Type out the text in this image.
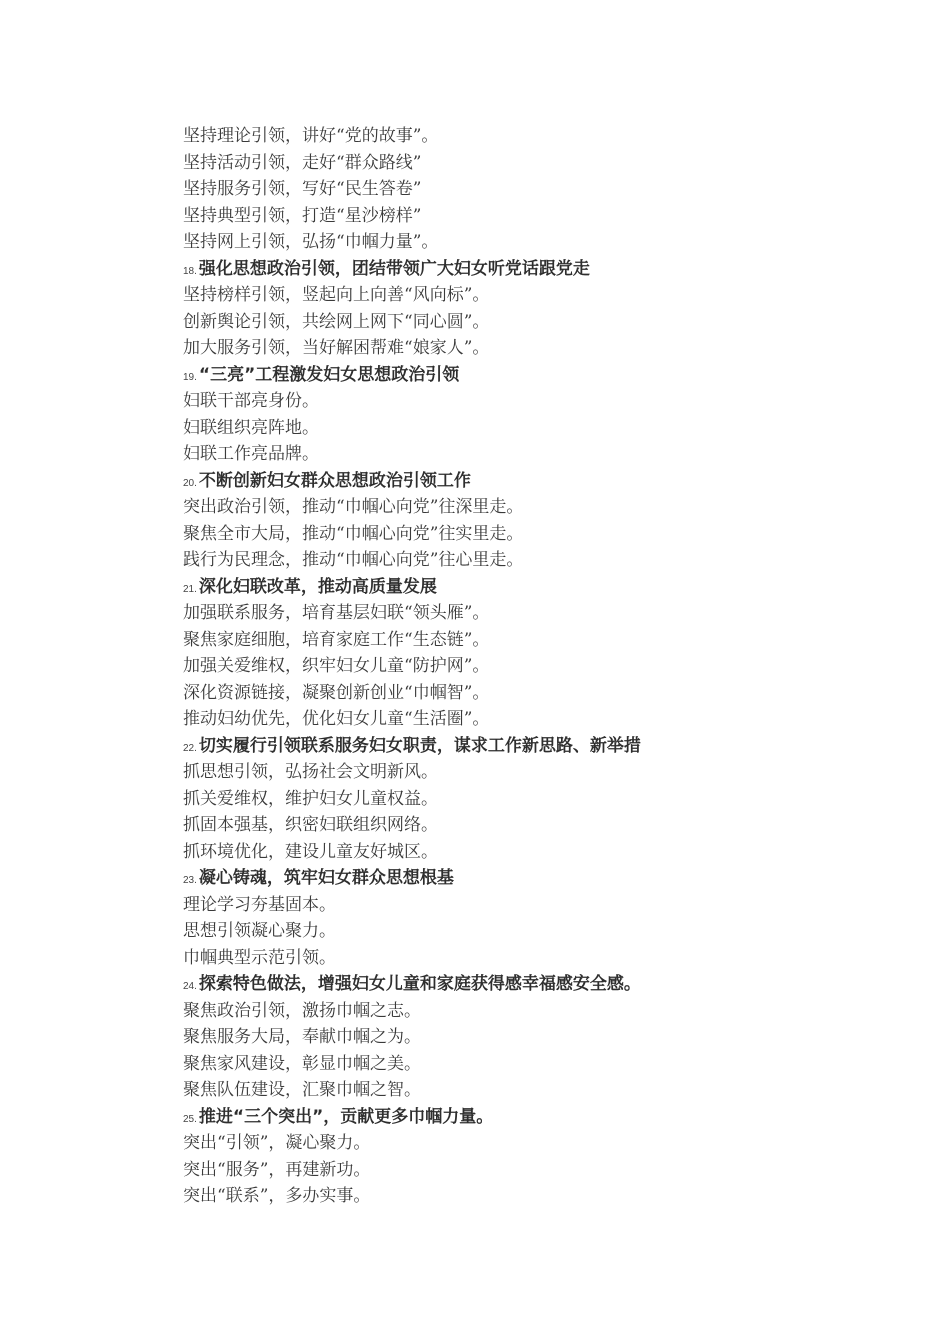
坚持理论引领，讲好“党的故事”。
坚持活动引领，走好“群众路线”
坚持服务引领，写好“民生答卷”
坚持典型引领，打造“星沙榜样”
坚持网上引领，弘扬“巾帼力量”。
18. 强化思想政治引领，团结带领广大妇女听党话跟党走
坚持榜样引领，竖起向上向善“风向标”。
创新舆论引领，共绘网上网下“同心圆”。
加大服务引领，当好解困帮难“娘家人”。
19. “三亮”工程激发妇女思想政治引领
妇联干部亮身份。
妇联组织亮阵地。
妇联工作亮品牌。
20. 不断创新妇女群众思想政治引领工作
突出政治引领，推动“巾帼心向党”往深里走。
聚焦全市大局，推动“巾帼心向党”往实里走。
践行为民理念，推动“巾帼心向党”往心里走。
21. 深化妇联改革，推动高质量发展
加强联系服务，培育基层妇联“领头雁”。
聚焦家庭细胞，培育家庭工作“生态链”。
加强关爱维权，织牢妇女儿童“防护网”。
深化资源链接，凝聚创新创业“巾帼智”。
推动妇幼优先，优化妇女儿童“生活圈”。
22. 切实履行引领联系服务妇女职责，谋求工作新思路、新举措
抓思想引领，弘扬社会文明新风。
抓关爱维权，维护妇女儿童权益。
抓固本强基，织密妇联组织网络。
抓环境优化，建设儿童友好城区。
23. 凝心铸魂，筑牢妇女群众思想根基
理论学习夯基固本。
思想引领凝心聚力。
巾帼典型示范引领。
24. 探索特色做法，增强妇女儿童和家庭获得感幸福感安全感。
聚焦政治引领，激扬巾帼之志。
聚焦服务大局，奉献巾帼之为。
聚焦家风建设，彰显巾帼之美。
聚焦队伍建设，汇聚巾帼之智。
25. 推进“三个突出”，贡献更多巾帼力量。
突出“引领”，凝心聚力。
突出“服务”，再建新功。
突出“联系”，多办实事。
